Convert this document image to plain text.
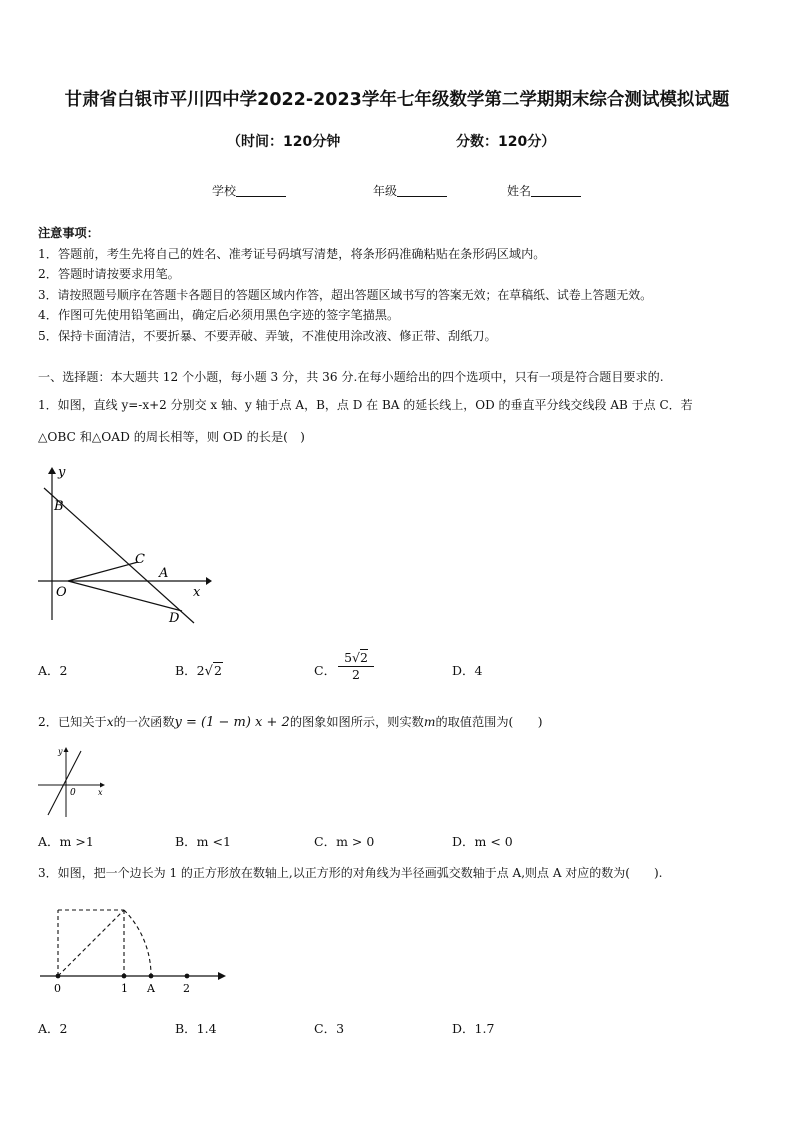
甘肃省白银市平川四中学2022-2023学年七年级数学第二学期期末综合测试模拟试题
（时间：120分钟	分数：120分）
学校	年级	姓名
注意事项：
1．答题前，考生先将自己的姓名、准考证号码填写清楚，将条形码准确粘贴在条形码区域内。
2．答题时请按要求用笔。
3．请按照题号顺序在答题卡各题目的答题区域内作答，超出答题区域书写的答案无效；在草稿纸、试卷上答题无效。
4．作图可先使用铅笔画出，确定后必须用黑色字迹的签字笔描黑。
5．保持卡面清洁，不要折暴、不要弄破、弄皱，不准使用涂改液、修正带、刮纸刀。
一、选择题：本大题共 12 个小题，每小题 3 分，共 36 分.在每小题给出的四个选项中，只有一项是符合题目要求的.
1．如图，直线 y=-x+2 分别交 x 轴、y 轴于点 A，B，点 D 在 BA 的延长线上，OD 的垂直平分线交线段 AB 于点 C．若
△OBC 和△OAD 的周长相等，则 OD 的长是(　)
y
x
B
C
A
O
D
A．2	B．2√2	C． $\frac{5√2}{2}$	D．4
2．已知关于x的一次函数y = (1 − m) x + 2的图象如图所示，则实数m的取值范围为(　　)
y
x
0
A．m >1	B．m <1	C．m > 0	D．m < 0
3．如图，把一个边长为 1 的正方形放在数轴上,以正方形的对角线为半径画弧交数轴于点 A,则点 A 对应的数为(　　).
0	1 A	2
A．2	B．1.4	C．3	D．1.7
